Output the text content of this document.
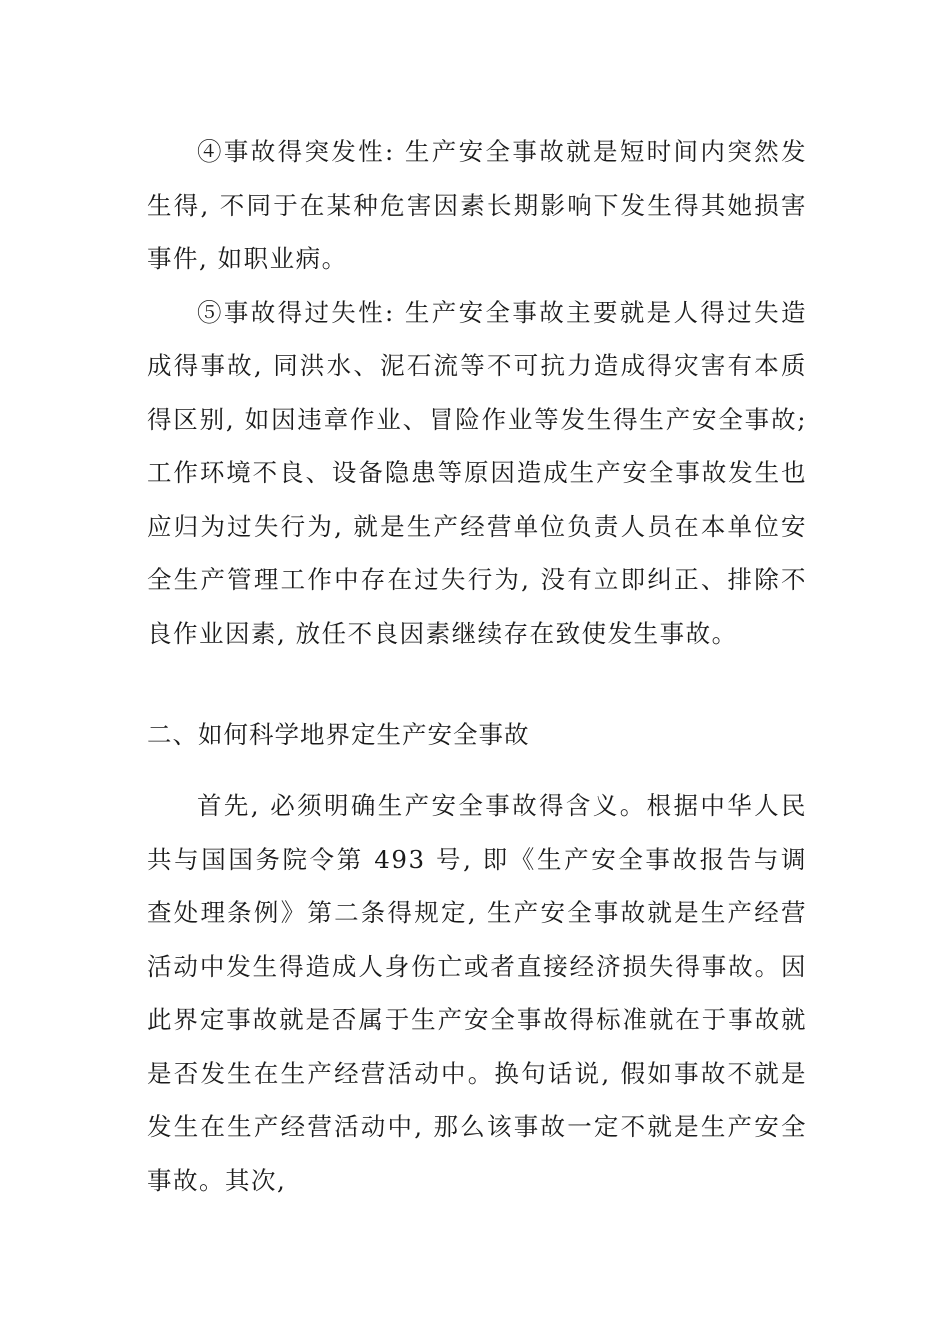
④事故得突发性: 生产安全事故就是短时间内突然发生得, 不同于在某种危害因素长期影响下发生得其她损害事件, 如职业病。

⑤事故得过失性: 生产安全事故主要就是人得过失造成得事故, 同洪水、泥石流等不可抗力造成得灾害有本质得区别, 如因违章作业、冒险作业等发生得生产安全事故; 工作环境不良、设备隐患等原因造成生产安全事故发生也应归为过失行为, 就是生产经营单位负责人员在本单位安全生产管理工作中存在过失行为, 没有立即纠正、排除不良作业因素, 放任不良因素继续存在致使发生事故。

二、如何科学地界定生产安全事故

首先, 必须明确生产安全事故得含义。根据中华人民共与国国务院令第 493 号, 即《生产安全事故报告与调查处理条例》第二条得规定, 生产安全事故就是生产经营活动中发生得造成人身伤亡或者直接经济损失得事故。因此界定事故就是否属于生产安全事故得标准就在于事故就是否发生在生产经营活动中。换句话说, 假如事故不就是发生在生产经营活动中, 那么该事故一定不就是生产安全事故。其次,
